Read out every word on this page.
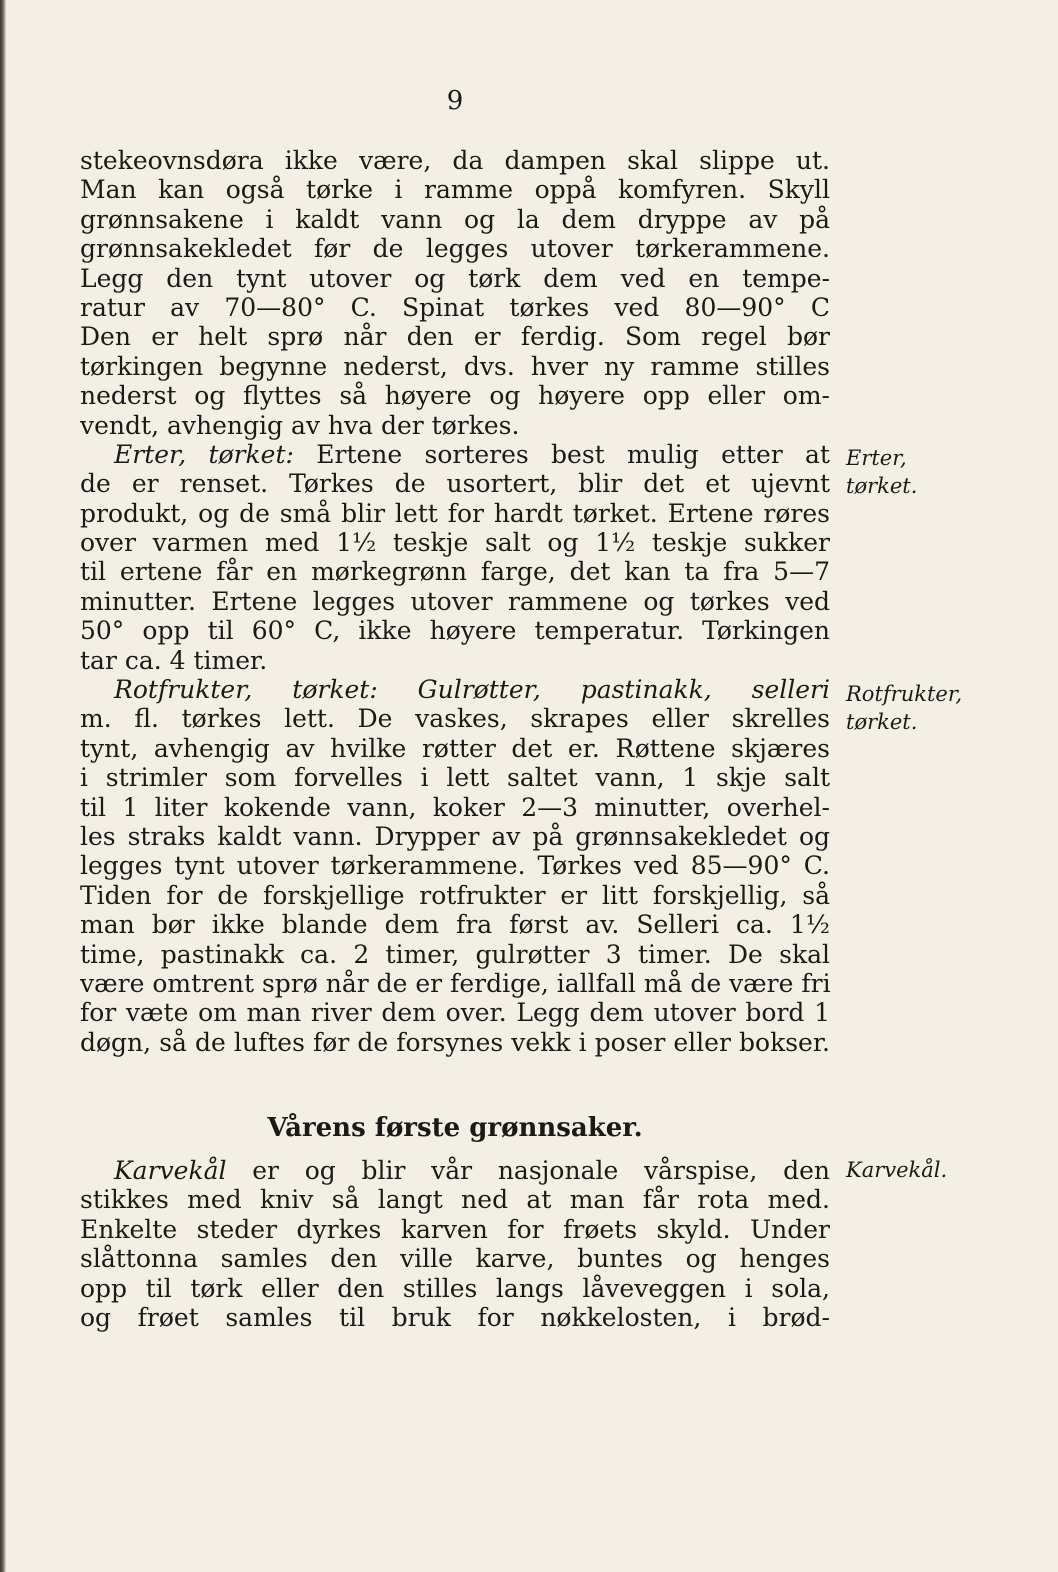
9
stekeovnsdøra ikke være, da dampen skal slippe ut.
Man kan også tørke i ramme oppå komfyren. Skyll
grønnsakene i kaldt vann og la dem dryppe av på
grønnsakekledet før de legges utover tørkerammene.
Legg den tynt utover og tørk dem ved en tempe-
ratur av 70—80° C. Spinat tørkes ved 80—90° C
Den er helt sprø når den er ferdig. Som regel bør
tørkingen begynne nederst, dvs. hver ny ramme stilles
nederst og flyttes så høyere og høyere opp eller om-
vendt, avhengig av hva der tørkes.
Erter, tørket: Ertene sorteres best mulig etter at
de er renset. Tørkes de usortert, blir det et ujevnt
produkt, og de små blir lett for hardt tørket. Ertene røres
over varmen med 1½ teskje salt og 1½ teskje sukker
til ertene får en mørkegrønn farge, det kan ta fra 5—7
minutter. Ertene legges utover rammene og tørkes ved
50° opp til 60° C, ikke høyere temperatur. Tørkingen
tar ca. 4 timer.
Rotfrukter, tørket: Gulrøtter, pastinakk, selleri
m. fl. tørkes lett. De vaskes, skrapes eller skrelles
tynt, avhengig av hvilke røtter det er. Røttene skjæres
i strimler som forvelles i lett saltet vann, 1 skje salt
til 1 liter kokende vann, koker 2—3 minutter, overhel-
les straks kaldt vann. Drypper av på grønnsakekledet og
legges tynt utover tørkerammene. Tørkes ved 85—90° C.
Tiden for de forskjellige rotfrukter er litt forskjellig, så
man bør ikke blande dem fra først av. Selleri ca. 1½
time, pastinakk ca. 2 timer, gulrøtter 3 timer. De skal
være omtrent sprø når de er ferdige, iallfall må de være fri
for væte om man river dem over. Legg dem utover bord 1
døgn, så de luftes før de forsynes vekk i poser eller bokser.
Erter,
tørket.
Rotfrukter,
tørket.
Karvekål.
Vårens første grønnsaker.
Karvekål er og blir vår nasjonale vårspise, den
stikkes med kniv så langt ned at man får rota med.
Enkelte steder dyrkes karven for frøets skyld. Under
slåttonna samles den ville karve, buntes og henges
opp til tørk eller den stilles langs låveveggen i sola,
og frøet samles til bruk for nøkkelosten, i brød-
